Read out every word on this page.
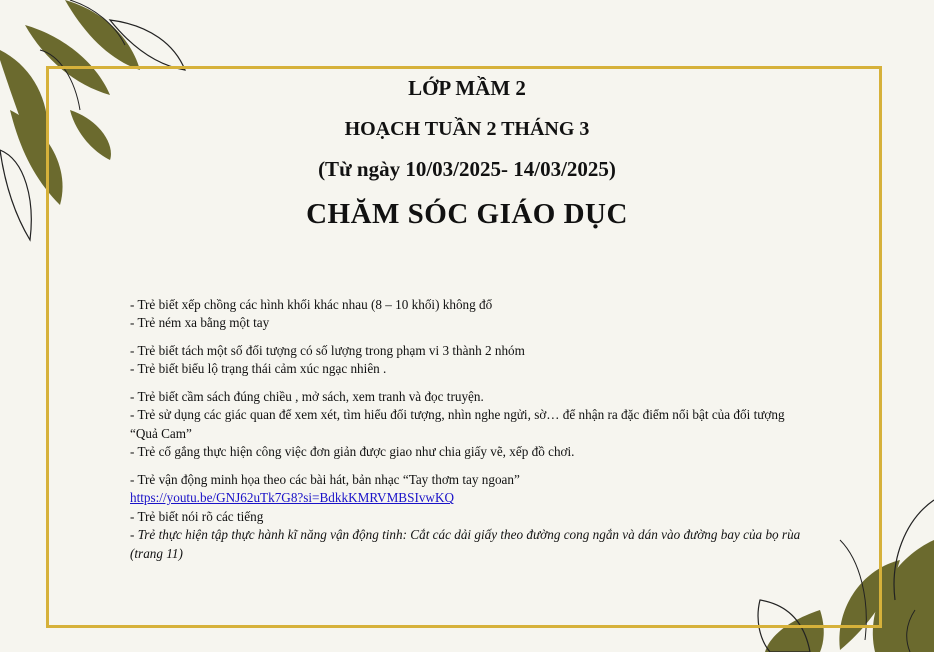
LỚP MẦM 2
HOẠCH TUẦN 2 THÁNG 3
(Từ ngày 10/03/2025- 14/03/2025)
CHĂM SÓC GIÁO DỤC

- Trẻ biết xếp chồng các hình khối khác nhau (8 – 10 khối) không đổ

- Trẻ ném xa bằng một tay

- Trẻ biết tách một số đối tượng có số lượng trong phạm vi 3 thành 2 nhóm

- Trẻ biết biểu lộ trạng thái cảm xúc ngạc nhiên .

- Trẻ biết cầm sách đúng chiều , mở sách, xem tranh và đọc truyện.

- Trẻ sử dụng các giác quan để xem xét, tìm hiểu đối tượng, nhìn nghe ngửi, sờ… để nhận ra đặc điểm nổi bật của đối tượng “Quả Cam”

- Trẻ cố gắng thực hiện công việc đơn giản được giao như chia giấy vẽ, xếp đồ chơi.

- Trẻ vận động minh họa theo các bài hát, bản nhạc “Tay thơm tay ngoan”

https://youtu.be/GNJ62uTk7G8?si=BdkkKMRVMBSIvwKQ

- Trẻ biết nói rõ các tiếng

- Trẻ thực hiện tập thực hành kĩ năng vận động tinh: Cắt các dải giấy theo đường cong ngắn và dán vào đường bay của bọ rùa (trang 11)
